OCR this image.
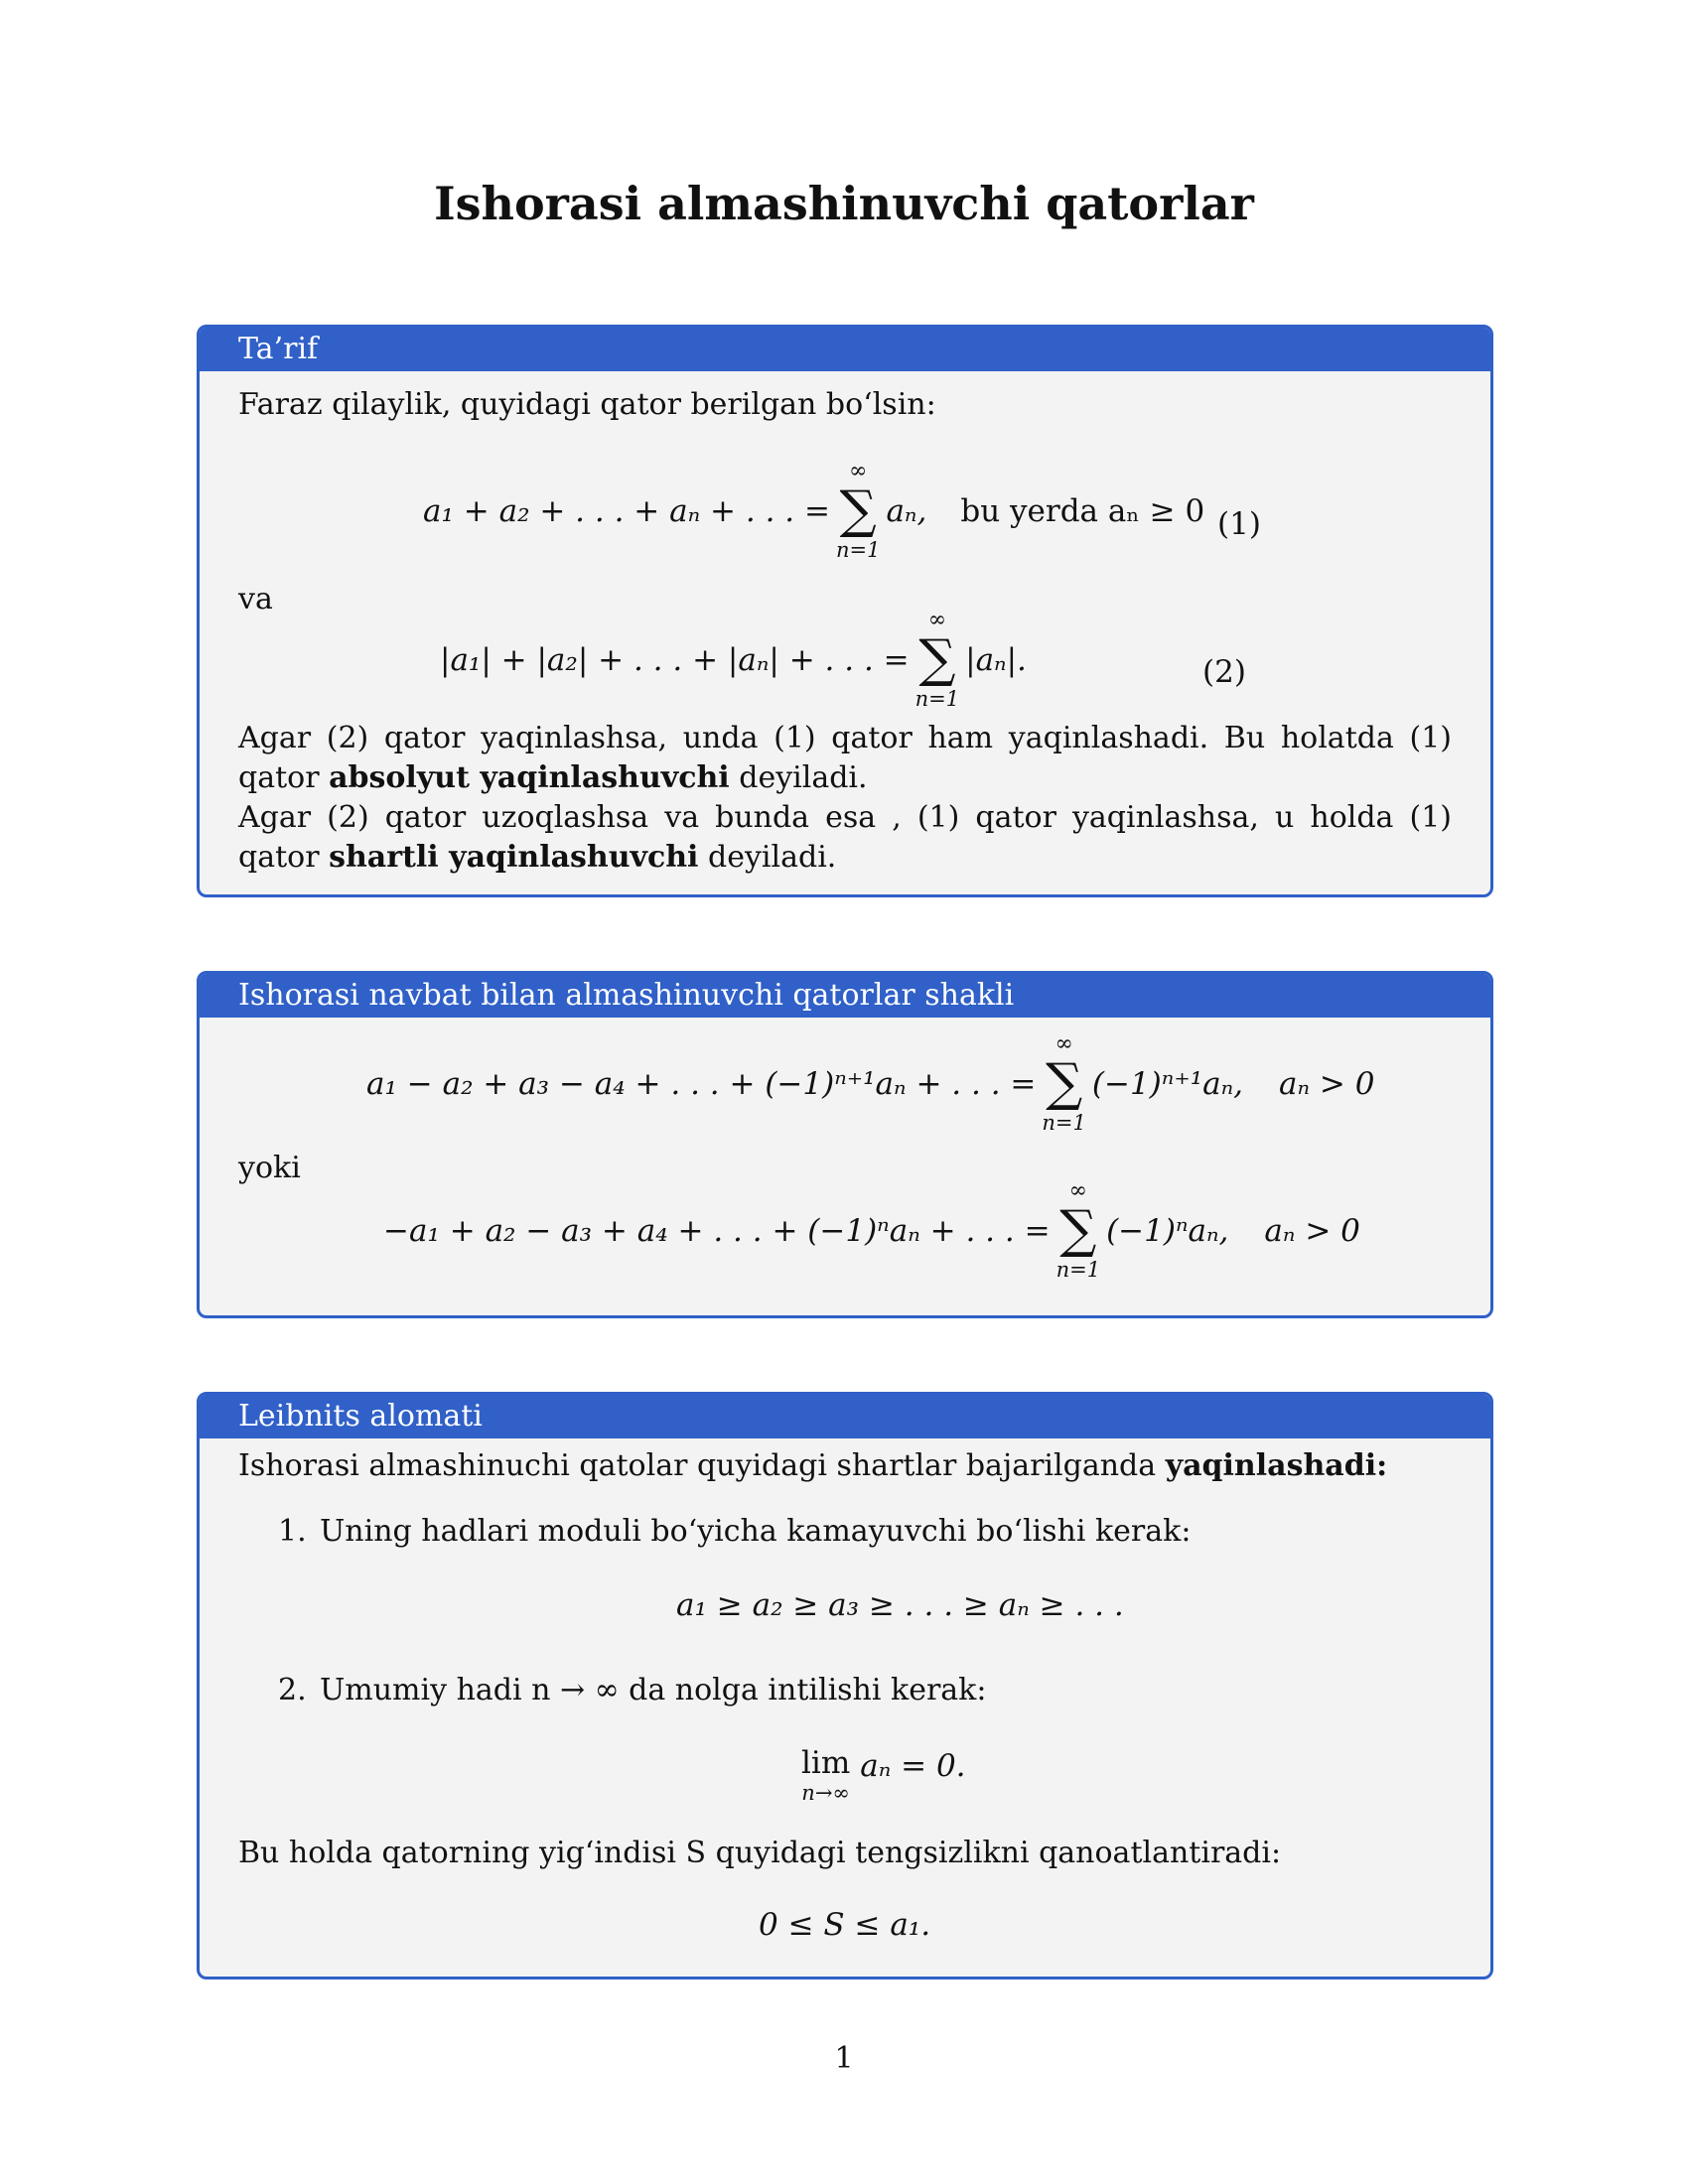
Ishorasi almashinuvchi qatorlar
Ta’rif
Faraz qilaylik, quyidagi qator berilgan bo‘lsin:
a₁ + a₂ + . . . + aₙ + . . . =
∞
∑
n=1
aₙ, bu yerda aₙ ≥ 0 (1)
va
|a₁| + |a₂| + . . . + |aₙ| + . . . =
∞
∑
n=1
|aₙ|.	(2)
Agar (2) qator yaqinlashsa, unda (1) qator ham yaqinlashadi. Bu holatda (1) qator absolyut yaqinlashuvchi deyiladi.
Agar (2) qator uzoqlashsa va bunda esa , (1) qator yaqinlashsa, u holda (1) qator shartli yaqinlashuvchi deyiladi.
Ishorasi navbat bilan almashinuvchi qatorlar shakli
a₁ − a₂ + a₃ − a₄ + . . . + (−1)ⁿ⁺¹aₙ + . . . =
∞
∑
n=1
(−1)ⁿ⁺¹aₙ, aₙ > 0
yoki
−a₁ + a₂ − a₃ + a₄ + . . . + (−1)ⁿaₙ + . . . =
∞
∑
n=1
(−1)ⁿaₙ, aₙ > 0
Leibnits alomati
Ishorasi almashinuchi qatolar quyidagi shartlar bajarilganda yaqinlashadi:
1. Uning hadlari moduli bo‘yicha kamayuvchi bo‘lishi kerak:
a₁ ≥ a₂ ≥ a₃ ≥ . . . ≥ aₙ ≥ . . .
2. Umumiy hadi n → ∞ da nolga intilishi kerak:
lim
n→∞
aₙ = 0.
Bu holda qatorning yig‘indisi S quyidagi tengsizlikni qanoatlantiradi:
0 ≤ S ≤ a₁.
1
